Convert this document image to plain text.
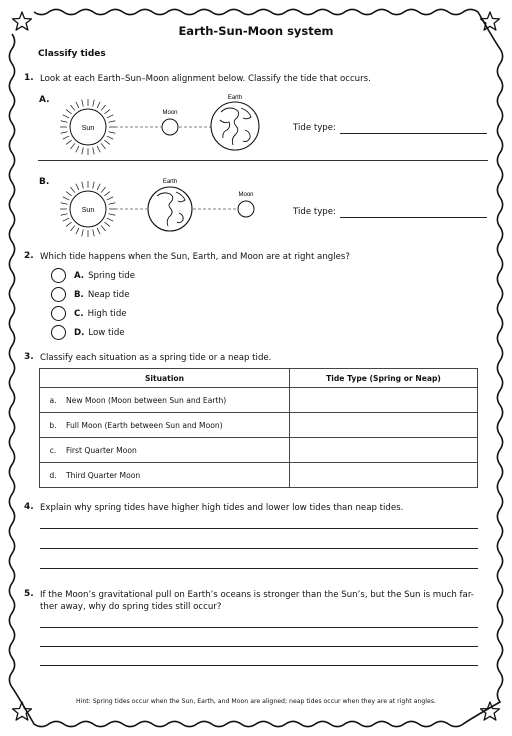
Earth-Sun-Moon system
Classify tides
1. Look at each Earth–Sun–Moon alignment below. Classify the tide that occurs.
A.
Sun
Moon
Earth
Tide type:
B.
Sun
Earth
Moon
Tide type:
2. Which tide happens when the Sun, Earth, and Moon are at right angles?
A. Spring tide
B. Neap tide
C. High tide
D. Low tide
3. Classify each situation as a spring tide or a neap tide.
Situation	Tide Type (Spring or Neap)

a. New Moon (Moon between Sun and Earth)	

b. Full Moon (Earth between Sun and Moon)	

c. First Quarter Moon	

d. Third Quarter Moon	

4. Explain why spring tides have higher high tides and lower low tides than neap tides.
5. If the Moon’s gravitational pull on Earth’s oceans is stronger than the Sun’s, but the Sun is much far-
ther away, why do spring tides still occur?
Hint: Spring tides occur when the Sun, Earth, and Moon are aligned; neap tides occur when they are at right angles.
